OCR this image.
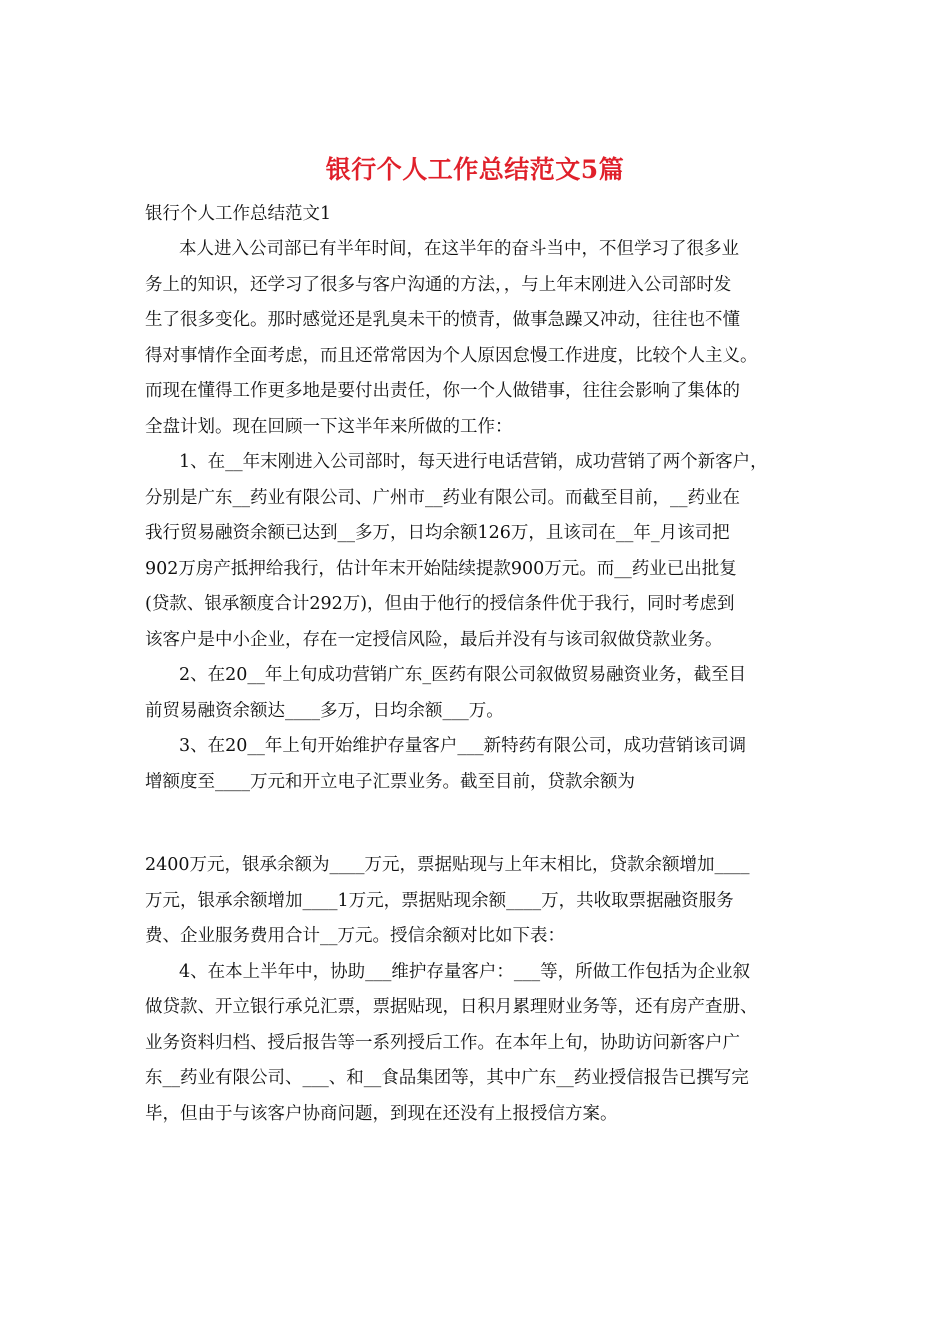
银行个人工作总结范文5篇

银行个人工作总结范文1

本人进入公司部已有半年时间，在这半年的奋斗当中，不但学习了很多业
务上的知识，还学习了很多与客户沟通的方法，，与上年末刚进入公司部时发
生了很多变化。那时感觉还是乳臭未干的愤青，做事急躁又冲动，往往也不懂
得对事情作全面考虑，而且还常常因为个人原因怠慢工作进度，比较个人主义。
而现在懂得工作更多地是要付出责任，你一个人做错事，往往会影响了集体的
全盘计划。现在回顾一下这半年来所做的工作：
1、在__年末刚进入公司部时，每天进行电话营销，成功营销了两个新客户，
分别是广东__药业有限公司、广州市__药业有限公司。而截至目前，__药业在
我行贸易融资余额已达到__多万，日均余额126万，且该司在__年_月该司把
902万房产抵押给我行，估计年末开始陆续提款900万元。而__药业已出批复
(贷款、银承额度合计292万)，但由于他行的授信条件优于我行，同时考虑到
该客户是中小企业，存在一定授信风险，最后并没有与该司叙做贷款业务。
2、在20__年上旬成功营销广东_医药有限公司叙做贸易融资业务，截至目
前贸易融资余额达____多万，日均余额___万。
3、在20__年上旬开始维护存量客户___新特药有限公司，成功营销该司调
增额度至____万元和开立电子汇票业务。截至目前，贷款余额为
2400万元，银承余额为____万元，票据贴现与上年末相比，贷款余额增加____
万元，银承余额增加____1万元，票据贴现余额____万，共收取票据融资服务
费、企业服务费用合计__万元。授信余额对比如下表：
4、在本上半年中，协助___维护存量客户：___等，所做工作包括为企业叙
做贷款、开立银行承兑汇票，票据贴现，日积月累理财业务等，还有房产查册、
业务资料归档、授后报告等一系列授后工作。在本年上旬，协助访问新客户广
东__药业有限公司、___、和__食品集团等，其中广东__药业授信报告已撰写完
毕，但由于与该客户协商问题，到现在还没有上报授信方案。
